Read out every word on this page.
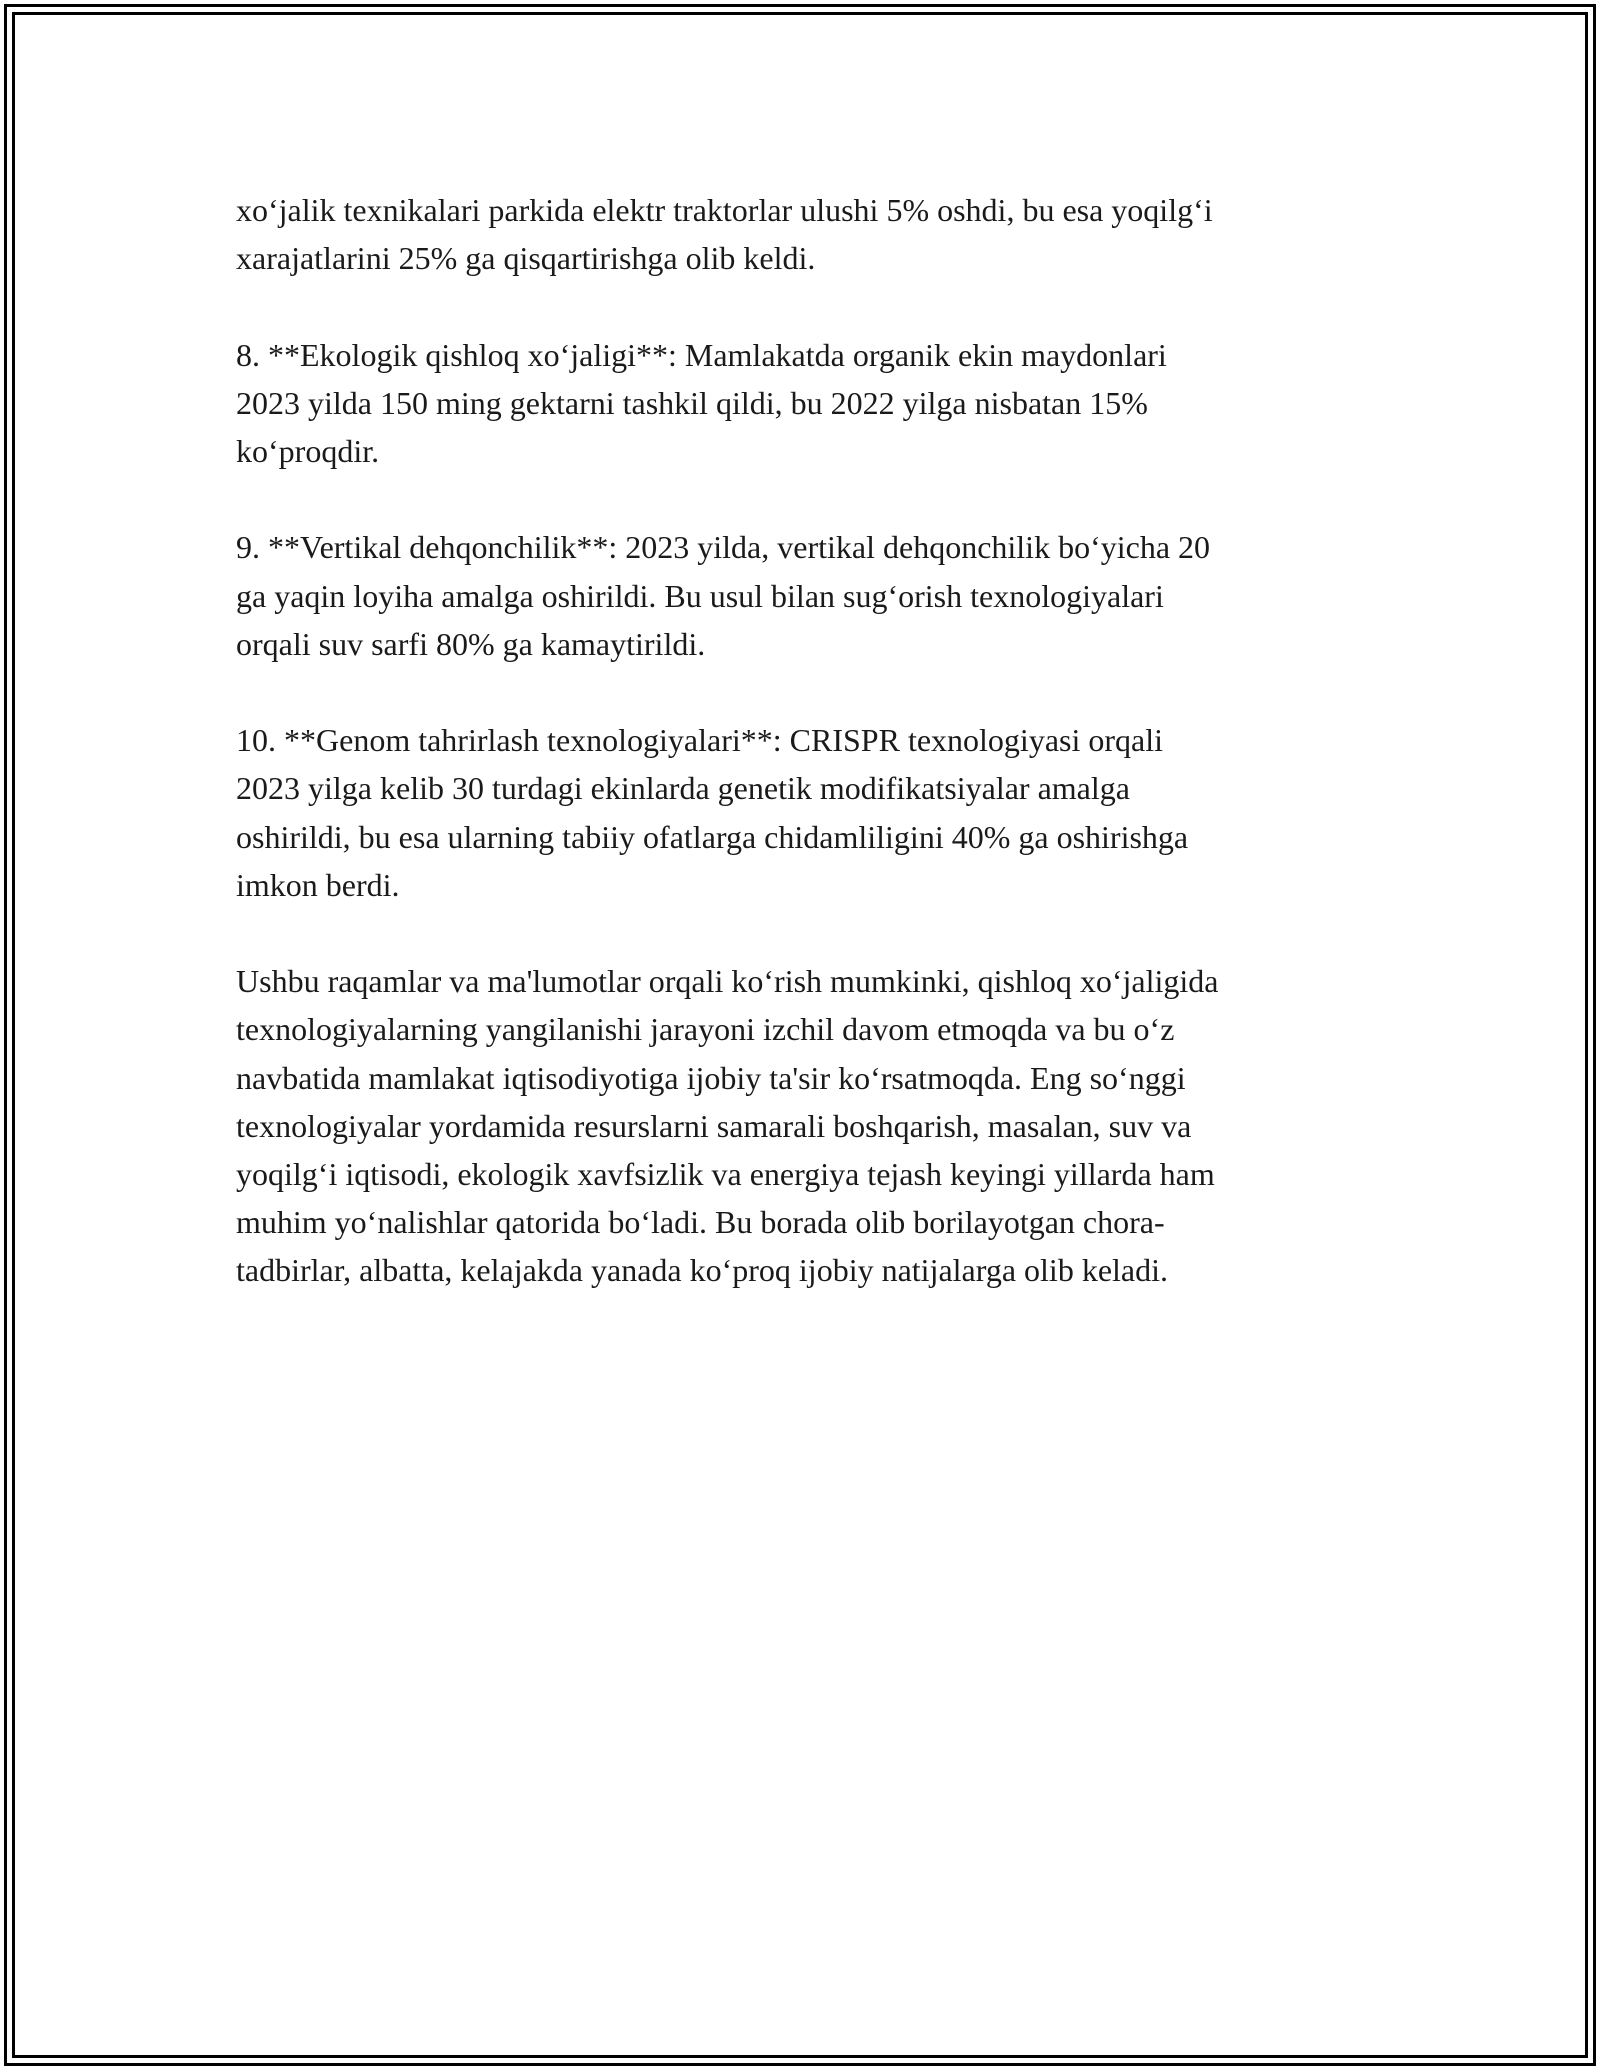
xo‘jalik texnikalari parkida elektr traktorlar ulushi 5% oshdi, bu esa yoqilg‘i
xarajatlarini 25% ga qisqartirishga olib keldi.

8. **Ekologik qishloq xo‘jaligi**: Mamlakatda organik ekin maydonlari
2023 yilda 150 ming gektarni tashkil qildi, bu 2022 yilga nisbatan 15%
ko‘proqdir.

9. **Vertikal dehqonchilik**: 2023 yilda, vertikal dehqonchilik bo‘yicha 20
ga yaqin loyiha amalga oshirildi. Bu usul bilan sug‘orish texnologiyalari
orqali suv sarfi 80% ga kamaytirildi.

10. **Genom tahrirlash texnologiyalari**: CRISPR texnologiyasi orqali
2023 yilga kelib 30 turdagi ekinlarda genetik modifikatsiyalar amalga
oshirildi, bu esa ularning tabiiy ofatlarga chidamliligini 40% ga oshirishga
imkon berdi.

Ushbu raqamlar va ma'lumotlar orqali ko‘rish mumkinki, qishloq xo‘jaligida
texnologiyalarning yangilanishi jarayoni izchil davom etmoqda va bu o‘z
navbatida mamlakat iqtisodiyotiga ijobiy ta'sir ko‘rsatmoqda. Eng so‘nggi
texnologiyalar yordamida resurslarni samarali boshqarish, masalan, suv va
yoqilg‘i iqtisodi, ekologik xavfsizlik va energiya tejash keyingi yillarda ham
muhim yo‘nalishlar qatorida bo‘ladi. Bu borada olib borilayotgan chora-
tadbirlar, albatta, kelajakda yanada ko‘proq ijobiy natijalarga olib keladi.
